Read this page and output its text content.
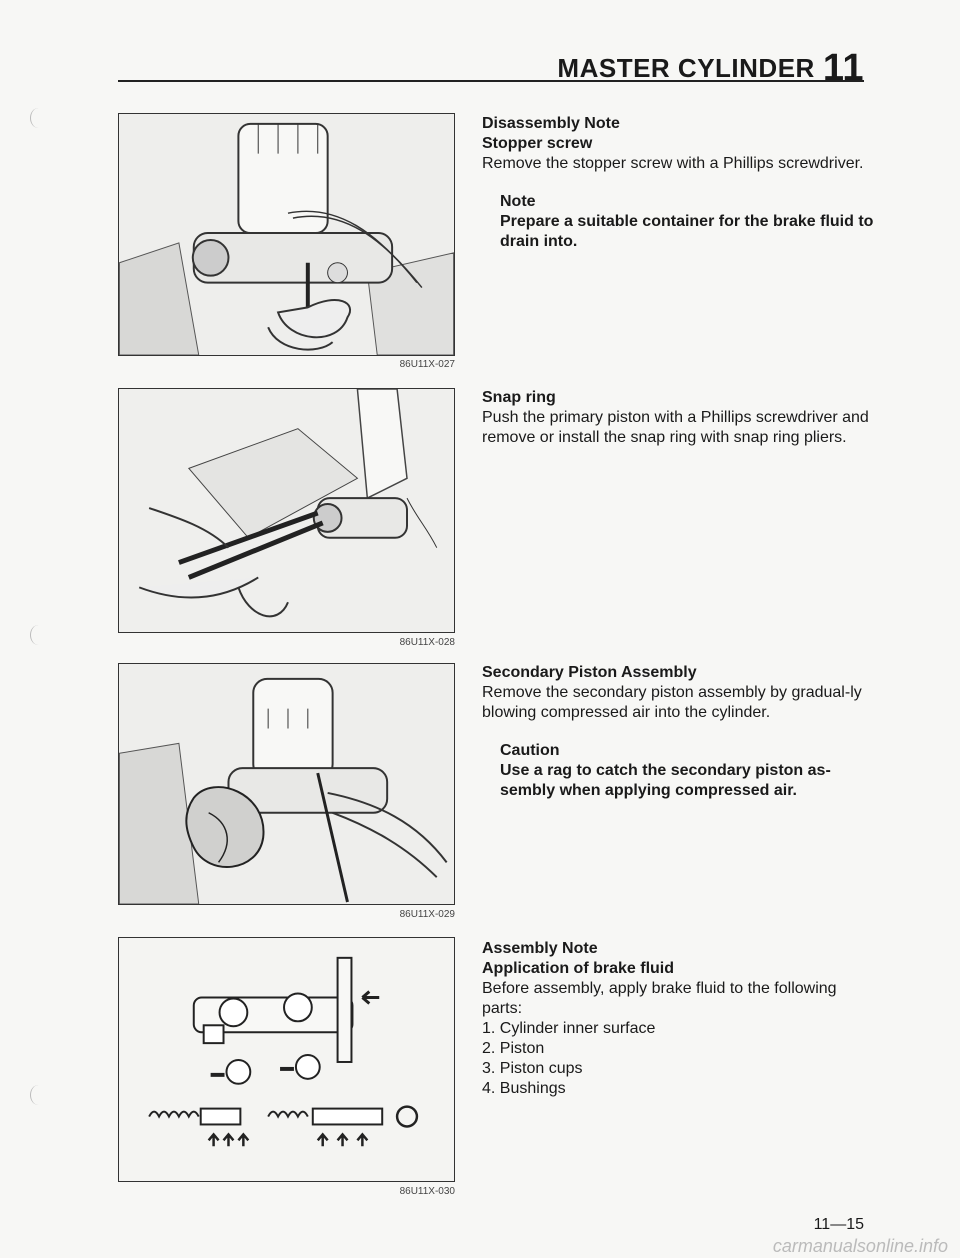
MASTER CYLINDER 11
86U11X-027
86U11X-028
86U11X-029
86U11X-030
Disassembly Note
Stopper screw

Remove the stopper screw with a Phillips screwdriver.

Note
Prepare a suitable container for the brake fluid to drain into.
Snap ring

Push the primary piston with a Phillips screwdriver and remove or install the snap ring with snap ring pliers.

Secondary Piston Assembly

Remove the secondary piston assembly by gradual-ly blowing compressed air into the cylinder.

Caution
Use a rag to catch the secondary piston as-sembly when applying compressed air.
Assembly Note
Application of brake fluid

Before assembly, apply brake fluid to the following parts:

1. Cylinder inner surface
2. Piston
3. Piston cups
4. Bushings
11—15
carmanualsonline.info
